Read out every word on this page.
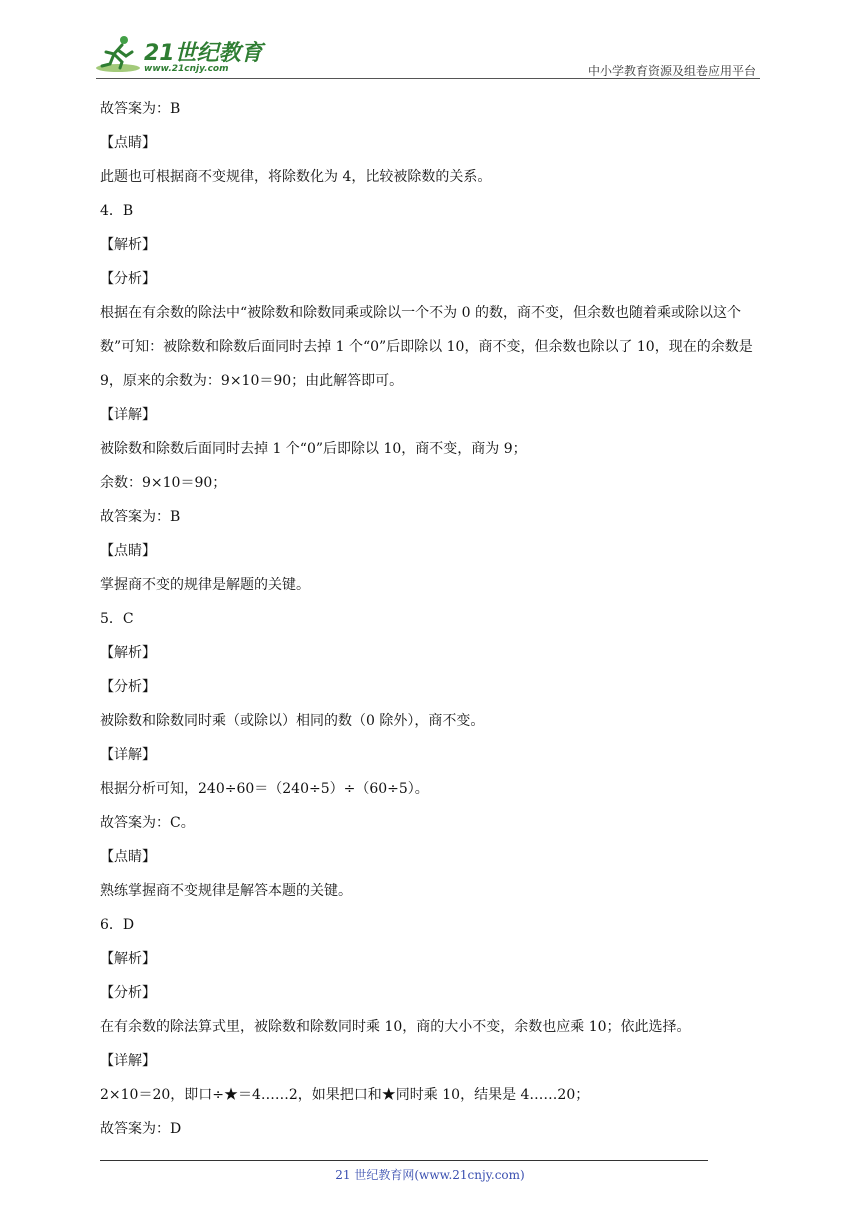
21世纪教育
www.21cnjy.com	中小学教育资源及组卷应用平台
故答案为：B
【点睛】
此题也可根据商不变规律，将除数化为 4，比较被除数的关系。
4．B
【解析】
【分析】
根据在有余数的除法中“被除数和除数同乘或除以一个不为 0 的数，商不变，但余数也随着乘或除以这个数”可知：被除数和除数后面同时去掉 1 个“0”后即除以 10，商不变，但余数也除以了 10，现在的余数是 9，原来的余数为：9×10＝90；由此解答即可。
【详解】
被除数和除数后面同时去掉 1 个“0”后即除以 10，商不变，商为 9；
余数：9×10＝90；
故答案为：B
【点睛】
掌握商不变的规律是解题的关键。
5．C
【解析】
【分析】
被除数和除数同时乘（或除以）相同的数（0 除外），商不变。
【详解】
根据分析可知，240÷60＝（240÷5）÷（60÷5）。
故答案为：C。
【点睛】
熟练掌握商不变规律是解答本题的关键。
6．D
【解析】
【分析】
在有余数的除法算式里，被除数和除数同时乘 10，商的大小不变，余数也应乘 10；依此选择。
【详解】
2×10＝20，即口÷★＝4……2，如果把口和★同时乘 10，结果是 4……20；
故答案为：D
21 世纪教育网(www.21cnjy.com)
